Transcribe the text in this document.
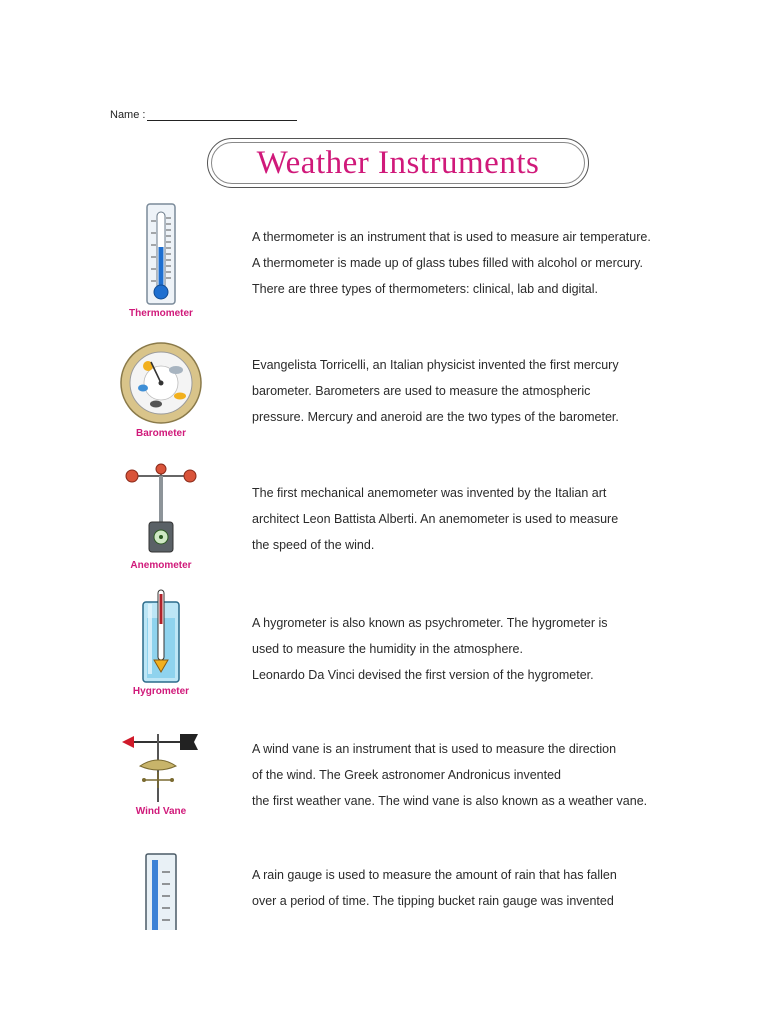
Name :
Weather Instruments
Thermometer
A thermometer is an instrument that is used to measure air temperature.
A thermometer is made up of glass tubes filled with alcohol or mercury.
There are three types of thermometers: clinical, lab and digital.
Barometer
Evangelista Torricelli, an Italian physicist invented the first mercury
barometer. Barometers are used to measure the atmospheric
pressure. Mercury and aneroid are the two types of the barometer.
Anemometer
The first mechanical anemometer was invented by the Italian art
architect Leon Battista Alberti. An anemometer is used to measure
the speed of the wind.
Hygrometer
A hygrometer is also known as psychrometer. The hygrometer is
used to measure the humidity in the atmosphere.
Leonardo Da Vinci devised the first version of the hygrometer.
Wind Vane
A wind vane is an instrument that is used to measure the direction
of the wind. The Greek astronomer Andronicus invented
the first weather vane. The wind vane is also known as a weather vane.
A rain gauge is used to measure the amount of rain that has fallen
over a period of time. The tipping bucket rain gauge was invented
